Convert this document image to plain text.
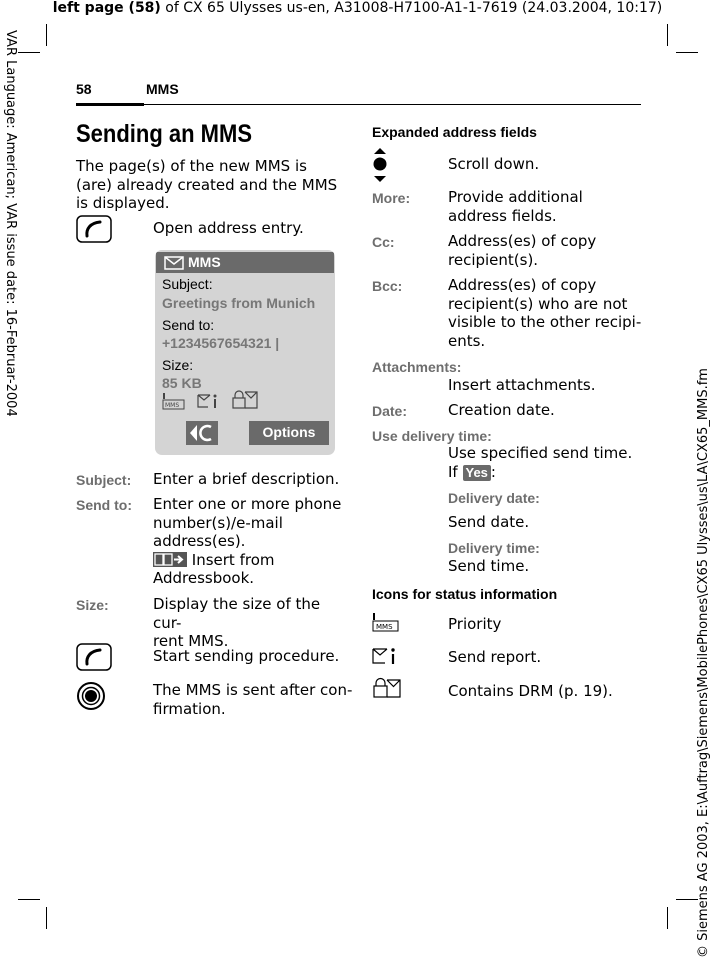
left page (58) of CX 65 Ulysses us-en, A31008-H7100-A1-1-7619 (24.03.2004, 10:17)
VAR Language: American; VAR issue date: 16-Februar-2004
© Siemens AG 2003, E:\Auftrag\Siemens\MobilePhones\CX65 Ulysses\us\LA\CX65_MMS.fm
58	MMS
Sending an MMS
The page(s) of the new MMS is (are) already created and the MMS is displayed.
Open address entry.
MMS
Subject:
Greetings from Munich
Send to:
+1234567654321 |
Size:
85 KB
MMS
Options
Subject: Enter a brief description.
Send to: Enter one or more phone
number(s)/e-mail
address(es).
Insert from
Addressbook.
Size:	Display the size of the cur-
rent MMS.
Start sending procedure.
The MMS is sent after con-
firmation.
Expanded address fields
Scroll down.
More:	Provide additional
address fields.
Cc:	Address(es) of copy
recipient(s).
Bcc:	Address(es) of copy
recipient(s) who are not
visible to the other recipi-
ents.
Attachments:
Insert attachments.
Date:	Creation date.
Use delivery time:
Use specified send time.
If Yes :
Delivery date:
Send date.
Delivery time:
Send time.
Icons for status information
MMS	Priority
Send report.
Contains DRM (p. 19).
